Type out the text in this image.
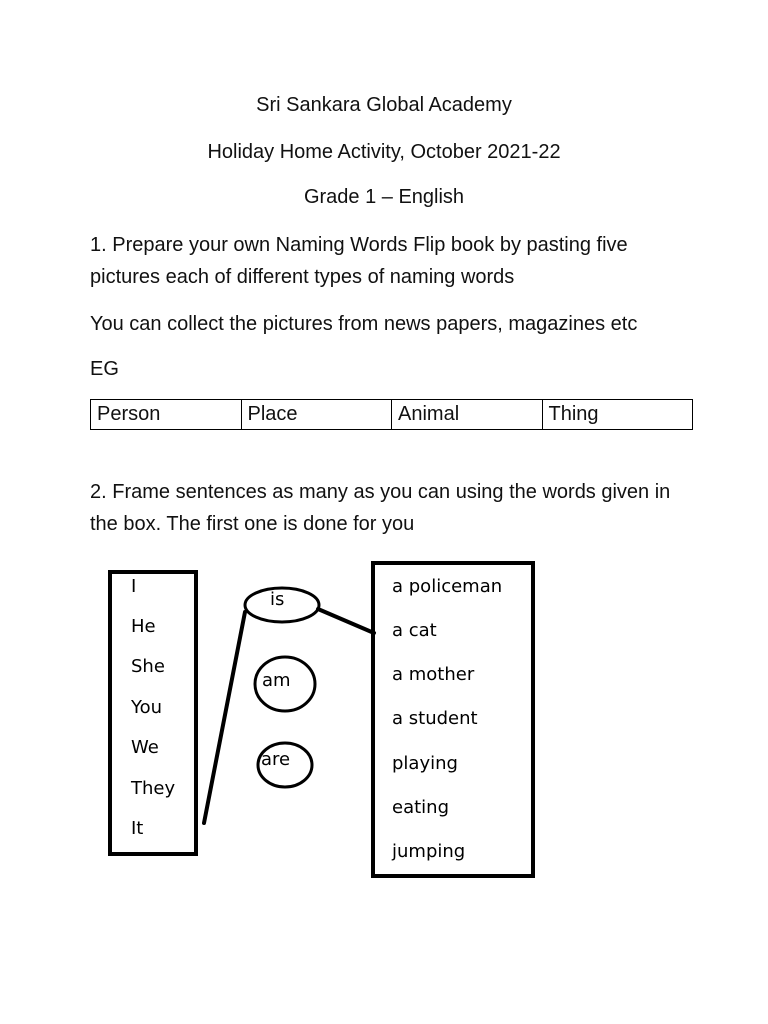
Sri Sankara Global Academy
Holiday Home Activity, October 2021-22
Grade 1 – English
1. Prepare your own Naming Words Flip book by pasting five pictures each of different types of naming words
You can collect the pictures from news papers, magazines etc
EG
Person	Place	Animal	Thing
2. Frame sentences as many as you can using the words given in the box. The first one is done for you
I
He
She
You
We
They
It
is
am
are
a policeman
a cat
a mother
a student
playing
eating
jumping
